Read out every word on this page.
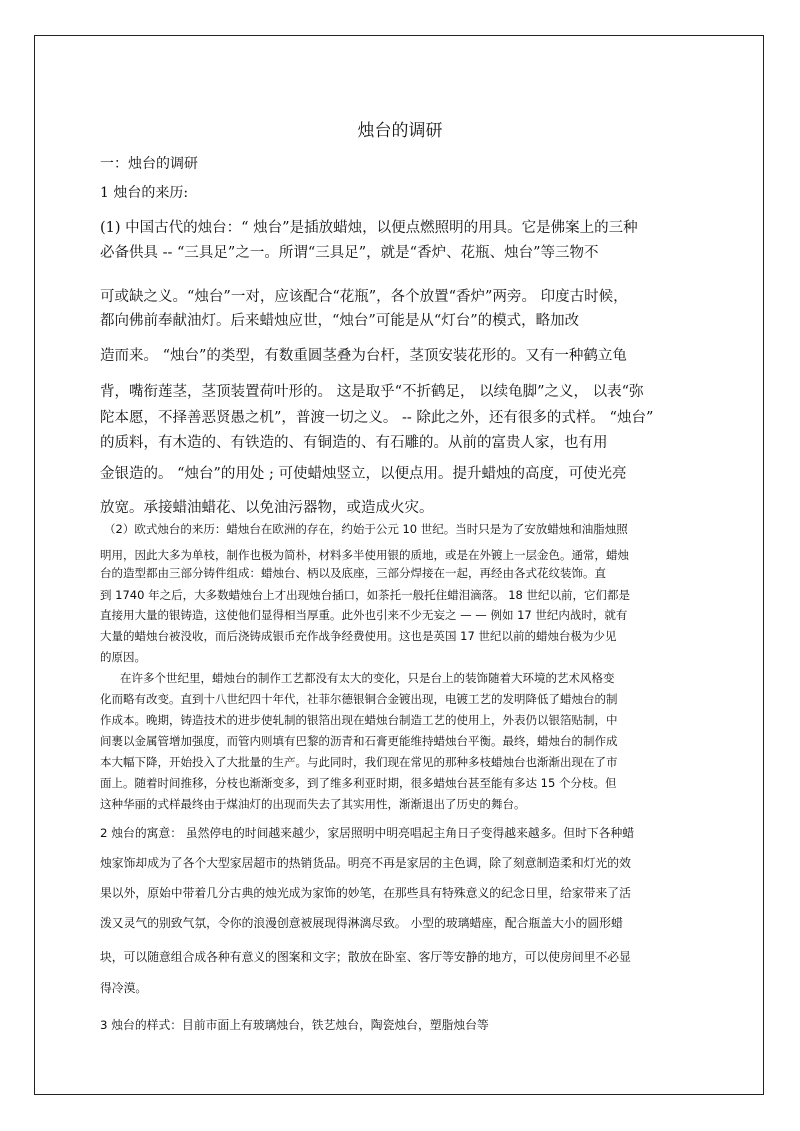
烛台的调研
一：烛台的调研
1 烛台的来历:
(1) 中国古代的烛台：“ 烛台”是插放蜡烛，以便点燃照明的用具。它是佛案上的三种
必备供具 -- “三具足”之一。所谓“三具足”，就是“香炉、花瓶、烛台”等三物不
可或缺之义。“烛台”一对，应该配合“花瓶”，各个放置“香炉”两旁。 印度古时候，
都向佛前奉献油灯。后来蜡烛应世，“烛台”可能是从“灯台”的模式，略加改
造而来。 “烛台”的类型，有数重圆茎叠为台杆，茎顶安装花形的。又有一种鹤立龟
背，嘴衔莲茎，茎顶装置荷叶形的。 这是取乎“不折鹤足， 以续龟脚”之义， 以表“弥
陀本愿，不择善恶贤愚之机”，普渡一切之义。 -- 除此之外，还有很多的式样。 “烛台”
的质料，有木造的、有铁造的、有铜造的、有石雕的。从前的富贵人家，也有用
金银造的。 “烛台”的用处 ; 可使蜡烛竖立，以便点用。提升蜡烛的高度，可使光亮
放宽。承接蜡油蜡花、以免油污器物，或造成火灾。
（2）欧式烛台的来历：蜡烛台在欧洲的存在，约始于公元 10 世纪。当时只是为了安放蜡烛和油脂烛照
明用，因此大多为单枝，制作也极为简朴，材料多半使用银的质地，或是在外镀上一层金色。通常，蜡烛
台的造型都由三部分铸件组成：蜡烛台、柄以及底座，三部分焊接在一起，再经由各式花纹装饰。直
到 1740 年之后，大多数蜡烛台上才出现烛台插口，如茶托一般托住蜡泪滴落。 18 世纪以前，它们都是
直接用大量的银铸造，这使他们显得相当厚重。此外也引来不少无妄之 — — 例如 17 世纪内战时，就有
大量的蜡烛台被没收，而后浇铸成银币充作战争经费使用。这也是英国 17 世纪以前的蜡烛台极为少见
的原因。
在许多个世纪里，蜡烛台的制作工艺都没有太大的变化，只是台上的装饰随着大环境的艺术风格变
化而略有改变。直到十八世纪四十年代，社菲尔德银铜合金镀出现，电镀工艺的发明降低了蜡烛台的制
作成本。晚期，铸造技术的进步使轧制的银箔出现在蜡烛台制造工艺的使用上，外表仍以银箔贴制，中
间裹以金属管增加强度，而管内则填有巴黎的沥青和石膏更能维持蜡烛台平衡。最终，蜡烛台的制作成
本大幅下降，开始投入了大批量的生产。与此同时，我们现在常见的那种多枝蜡烛台也渐渐出现在了市
面上。随着时间推移，分枝也渐渐变多，到了维多利亚时期，很多蜡烛台甚至能有多达 15 个分枝。但
这种华丽的式样最终由于煤油灯的出现而失去了其实用性，渐渐退出了历史的舞台。
2 烛台的寓意： 虽然停电的时间越来越少，家居照明中明亮唱起主角日子变得越来越多。但时下各种蜡
烛家饰却成为了各个大型家居超市的热销货品。明亮不再是家居的主色调，除了刻意制造柔和灯光的效
果以外，原始中带着几分古典的烛光成为家饰的妙笔，在那些具有特殊意义的纪念日里，给家带来了活
泼又灵气的别致气氛，令你的浪漫创意被展现得淋漓尽致。 小型的玻璃蜡座，配合瓶盖大小的圆形蜡
块，可以随意组合成各种有意义的图案和文字；散放在卧室、客厅等安静的地方，可以使房间里不必显
得冷漠。
3 烛台的样式：目前市面上有玻璃烛台，铁艺烛台，陶瓷烛台，塑脂烛台等
